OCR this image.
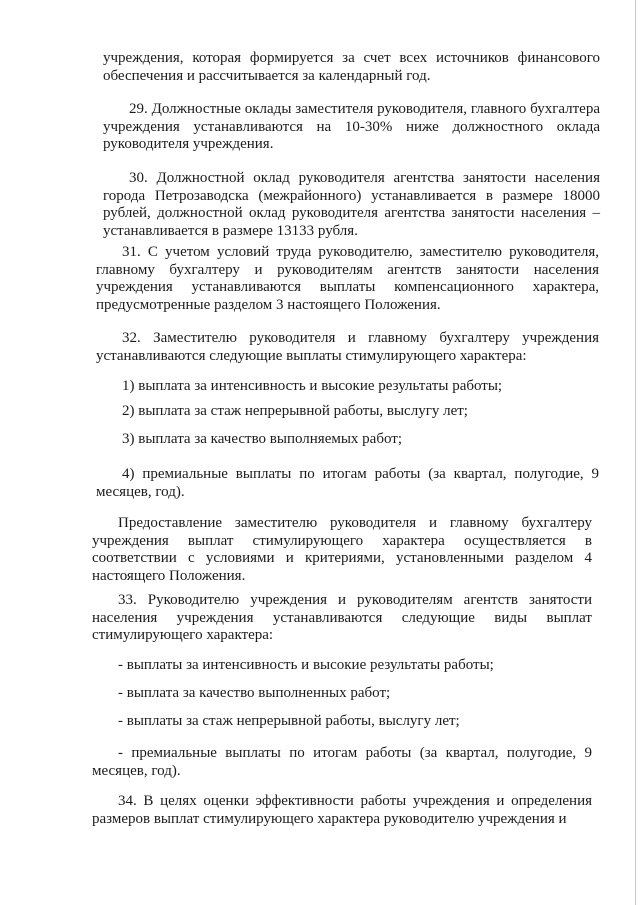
учреждения, которая формируется за счет всех источников финансового обеспечения и рассчитывается за календарный год.

29. Должностные оклады заместителя руководителя, главного бухгалтера учреждения устанавливаются на 10-30% ниже должностного оклада руководителя учреждения.

30. Должностной оклад руководителя агентства занятости населения города Петрозаводска (межрайонного) устанавливается в размере 18000 рублей, должностной оклад руководителя агентства занятости населения – устанавливается в размере 13133 рубля.

31. С учетом условий труда руководителю, заместителю руководителя, главному бухгалтеру и руководителям агентств занятости населения учреждения устанавливаются выплаты компенсационного характера, предусмотренные разделом 3 настоящего Положения.

32. Заместителю руководителя и главному бухгалтеру учреждения устанавливаются следующие выплаты стимулирующего характера:

1) выплата за интенсивность и высокие результаты работы;

2) выплата за стаж непрерывной работы, выслугу лет;

3) выплата за качество выполняемых работ;

4) премиальные выплаты по итогам работы (за квартал, полугодие, 9 месяцев, год).

Предоставление заместителю руководителя и главному бухгалтеру учреждения выплат стимулирующего характера осуществляется в соответствии с условиями и критериями, установленными разделом 4 настоящего Положения.

33. Руководителю учреждения и руководителям агентств занятости населения учреждения устанавливаются следующие виды выплат стимулирующего характера:

- выплаты за интенсивность и высокие результаты работы;

- выплата за качество выполненных работ;

- выплаты за стаж непрерывной работы, выслугу лет;

- премиальные выплаты по итогам работы (за квартал, полугодие, 9 месяцев, год).

34. В целях оценки эффективности работы учреждения и определения размеров выплат стимулирующего характера руководителю учреждения и
